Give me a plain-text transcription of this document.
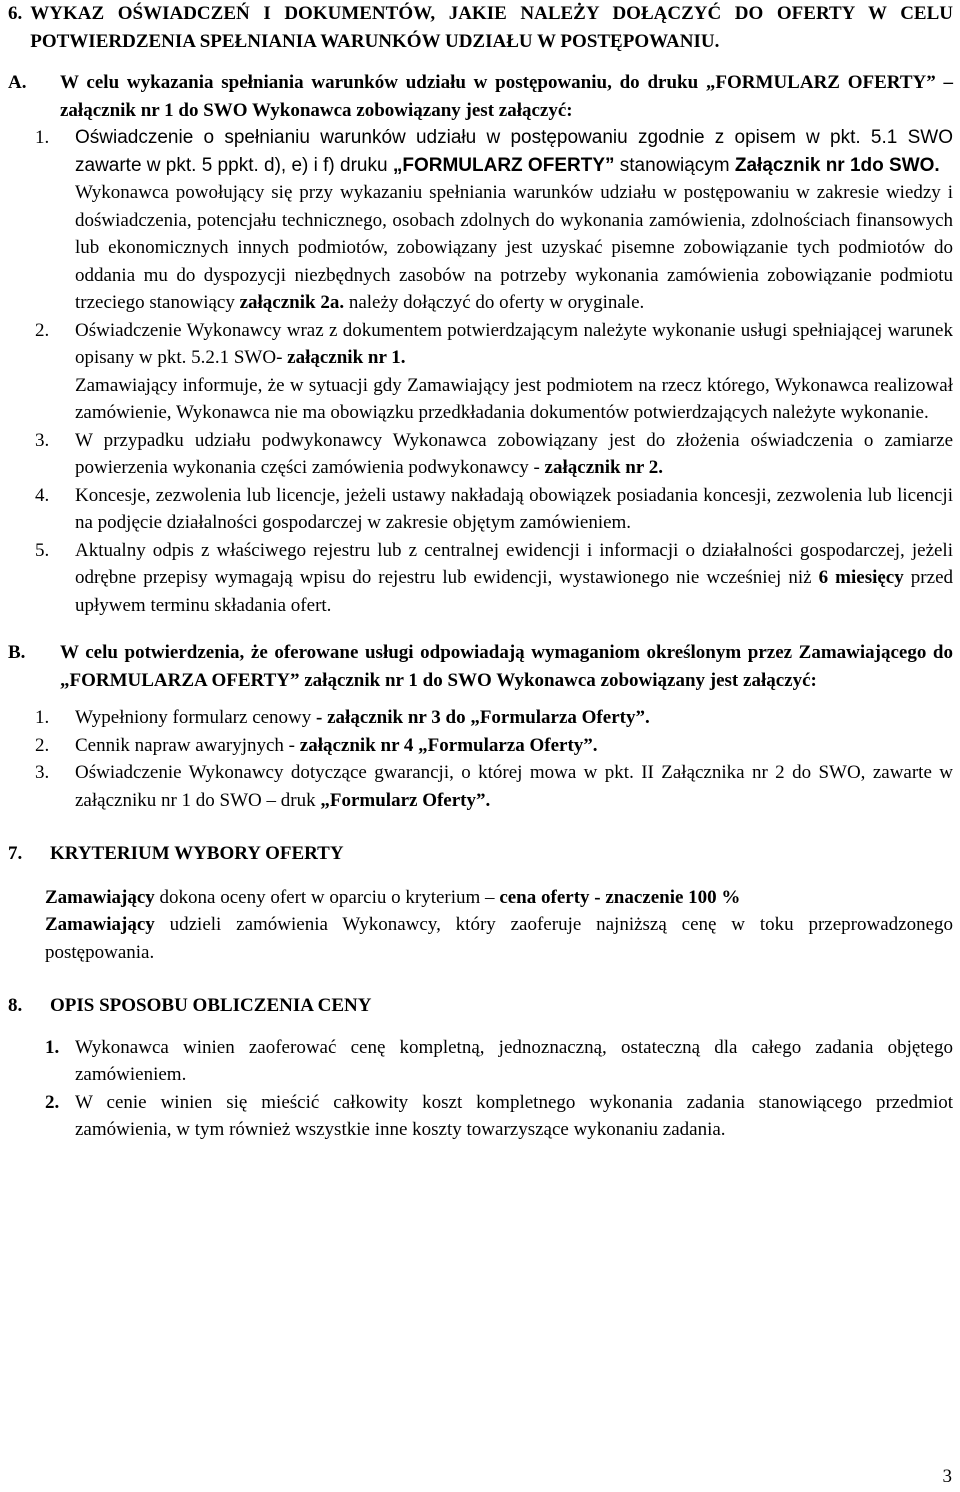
6. WYKAZ OŚWIADCZEŃ I DOKUMENTÓW, JAKIE NALEŻY DOŁĄCZYĆ DO OFERTY W CELU POTWIERDZENIA SPEŁNIANIA WARUNKÓW UDZIAŁU W POSTĘPOWANIU.
A.	W celu wykazania spełniania warunków udziału w postępowaniu, do druku „FORMULARZ OFERTY” – załącznik nr 1 do SWO Wykonawca zobowiązany jest załączyć:
1.	Oświadczenie o spełnianiu warunków udziału w postępowaniu zgodnie z opisem w pkt. 5.1 SWO zawarte w pkt. 5 ppkt. d), e) i f) druku „FORMULARZ OFERTY” stanowiącym Załącznik nr 1do SWO.

Wykonawca powołujący się przy wykazaniu spełniania warunków udziału w postępowaniu w zakresie wiedzy i doświadczenia, potencjału technicznego, osobach zdolnych do wykonania zamówienia, zdolnościach finansowych lub ekonomicznych innych podmiotów, zobowiązany jest uzyskać pisemne zobowiązanie tych podmiotów do oddania mu do dyspozycji niezbędnych zasobów na potrzeby wykonania zamówienia zobowiązanie podmiotu trzeciego stanowiący załącznik 2a. należy dołączyć do oferty w oryginale.

2.	Oświadczenie Wykonawcy wraz z dokumentem potwierdzającym należyte wykonanie usługi spełniającej warunek opisany w pkt. 5.2.1 SWO- załącznik nr 1.

Zamawiający informuje, że w sytuacji gdy Zamawiający jest podmiotem na rzecz którego, Wykonawca realizował zamówienie, Wykonawca nie ma obowiązku przedkładania dokumentów potwierdzających należyte wykonanie.

3.	W przypadku udziału podwykonawcy Wykonawca zobowiązany jest do złożenia oświadczenia o zamiarze powierzenia wykonania części zamówienia podwykonawcy - załącznik nr 2.

4.	Koncesje, zezwolenia lub licencje, jeżeli ustawy nakładają obowiązek posiadania koncesji, zezwolenia lub licencji na podjęcie działalności gospodarczej w zakresie objętym zamówieniem.

5.	Aktualny odpis z właściwego rejestru lub z centralnej ewidencji i informacji o działalności gospodarczej, jeżeli odrębne przepisy wymagają wpisu do rejestru lub ewidencji, wystawionego nie wcześniej niż 6 miesięcy przed upływem terminu składania ofert.

B.	W celu potwierdzenia, że oferowane usługi odpowiadają wymaganiom określonym przez Zamawiającego do „FORMULARZA OFERTY” załącznik nr 1 do SWO Wykonawca zobowiązany jest załączyć:
1.	Wypełniony formularz cenowy - załącznik nr 3 do „Formularza Oferty”.

2.	Cennik napraw awaryjnych - załącznik nr 4 „Formularza Oferty”.

3.	Oświadczenie Wykonawcy dotyczące gwarancji, o której mowa w pkt. II Załącznika nr 2 do SWO, zawarte w załączniku nr 1 do SWO – druk „Formularz Oferty”.

7.	KRYTERIUM WYBORY OFERTY
Zamawiający dokona oceny ofert w oparciu o kryterium – cena oferty - znaczenie 100 %
Zamawiający udzieli zamówienia Wykonawcy, który zaoferuje najniższą cenę w toku przeprowadzonego postępowania.
8.	OPIS SPOSOBU OBLICZENIA CENY
1. Wykonawca winien zaoferować cenę kompletną, jednoznaczną, ostateczną dla całego zadania objętego zamówieniem.

2. W cenie winien się mieścić całkowity koszt kompletnego wykonania zadania stanowiącego przedmiot zamówienia, w tym również wszystkie inne koszty towarzyszące wykonaniu zadania.

3
